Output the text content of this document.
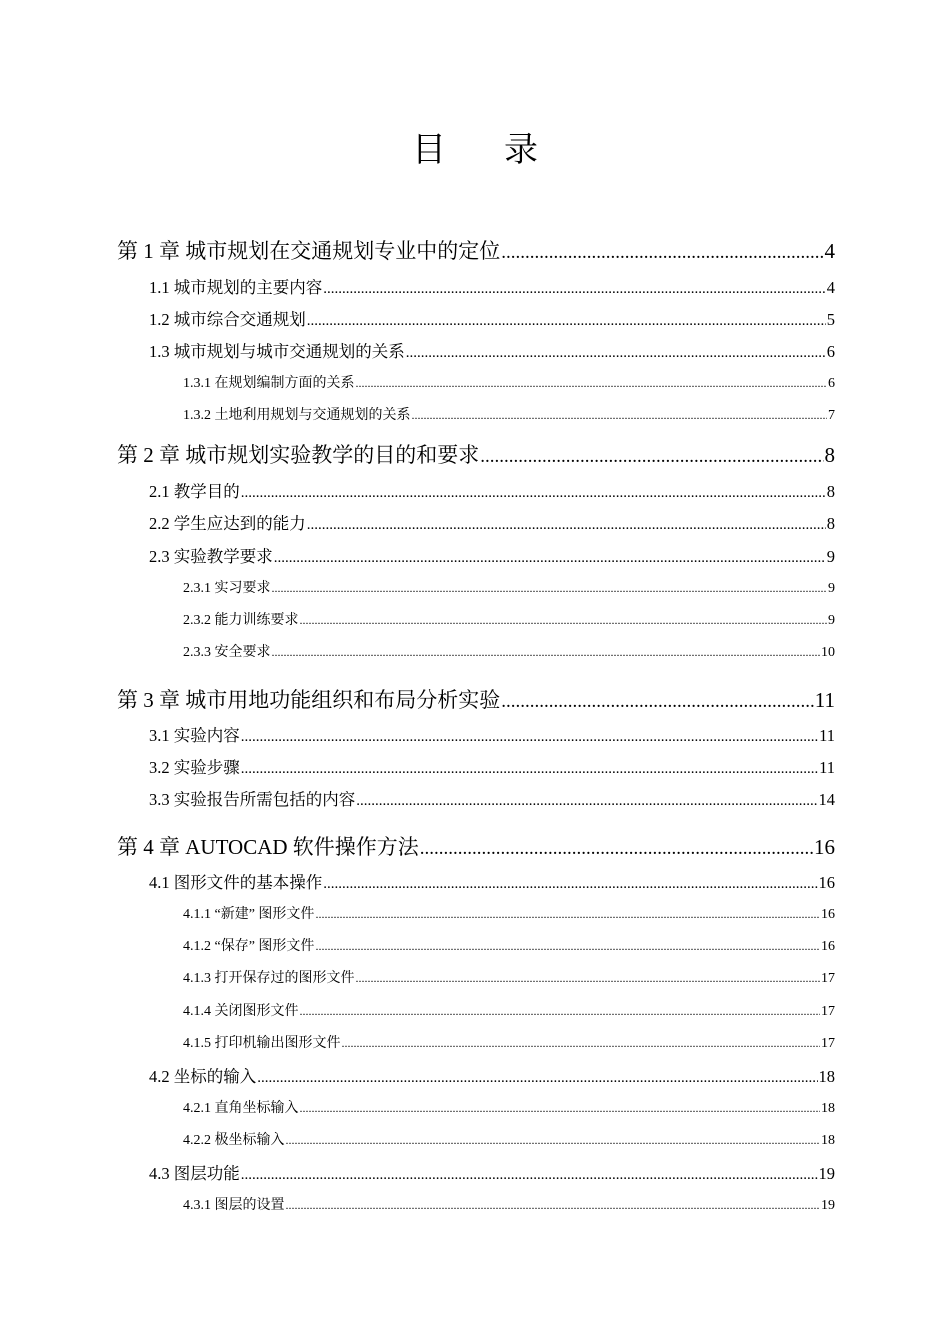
目 录
第 1 章 城市规划在交通规划专业中的定位 .....	4
1.1 城市规划的主要内容 .....	4
1.2 城市综合交通规划 .....	5
1.3 城市规划与城市交通规划的关系 .....	6
1.3.1 在规划编制方面的关系 .....	6
1.3.2 土地利用规划与交通规划的关系 .....	7
第 2 章 城市规划实验教学的目的和要求 .....	8
2.1 教学目的 .....	8
2.2 学生应达到的能力 .....	8
2.3 实验教学要求 .....	9
2.3.1 实习要求 .....	9
2.3.2 能力训练要求 .....	9
2.3.3 安全要求 .....	10
第 3 章 城市用地功能组织和布局分析实验 .....	11
3.1 实验内容 .....	11
3.2 实验步骤 .....	11
3.3 实验报告所需包括的内容 .....	14
第 4 章 AUTOCAD 软件操作方法 .....	16
4.1 图形文件的基本操作 .....	16
4.1.1 “新建” 图形文件 .....	16
4.1.2 “保存” 图形文件 .....	16
4.1.3 打开保存过的图形文件 .....	17
4.1.4 关闭图形文件 .....	17
4.1.5 打印机输出图形文件 .....	17
4.2 坐标的输入 .....	18
4.2.1 直角坐标输入 .....	18
4.2.2 极坐标输入 .....	18
4.3 图层功能 .....	19
4.3.1 图层的设置 .....	19
